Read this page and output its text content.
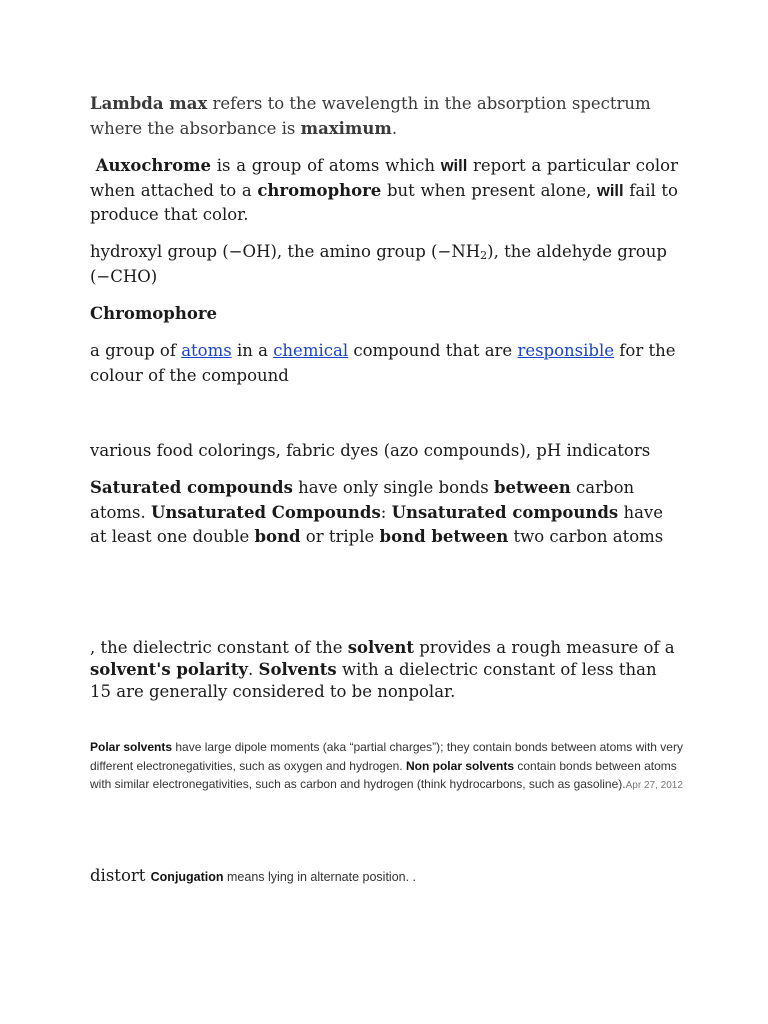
Lambda max refers to the wavelength in the absorption spectrum where the absorbance is maximum.

Auxochrome is a group of atoms which will report a particular color when attached to a chromophore but when present alone, will fail to produce that color.

hydroxyl group (−OH), the amino group $(-NH_2)$, the aldehyde group (−CHO)

Chromophore

a group of atoms in a chemical compound that are responsible for the colour of the compound

various food colorings, fabric dyes (azo compounds), pH indicators

Saturated compounds have only single bonds between carbon atoms. Unsaturated Compounds: Unsaturated compounds have at least one double bond or triple bond between two carbon atoms

, the dielectric constant of the solvent provides a rough measure of a solvent's polarity. Solvents with a dielectric constant of less than 15 are generally considered to be nonpolar.

Polar solvents have large dipole moments (aka “partial charges”); they contain bonds between atoms with very different electronegativities, such as oxygen and hydrogen. Non polar solvents contain bonds between atoms with similar electronegativities, such as carbon and hydrogen (think hydrocarbons, such as gasoline).Apr 27, 2012

distort Conjugation means lying in alternate position. .
